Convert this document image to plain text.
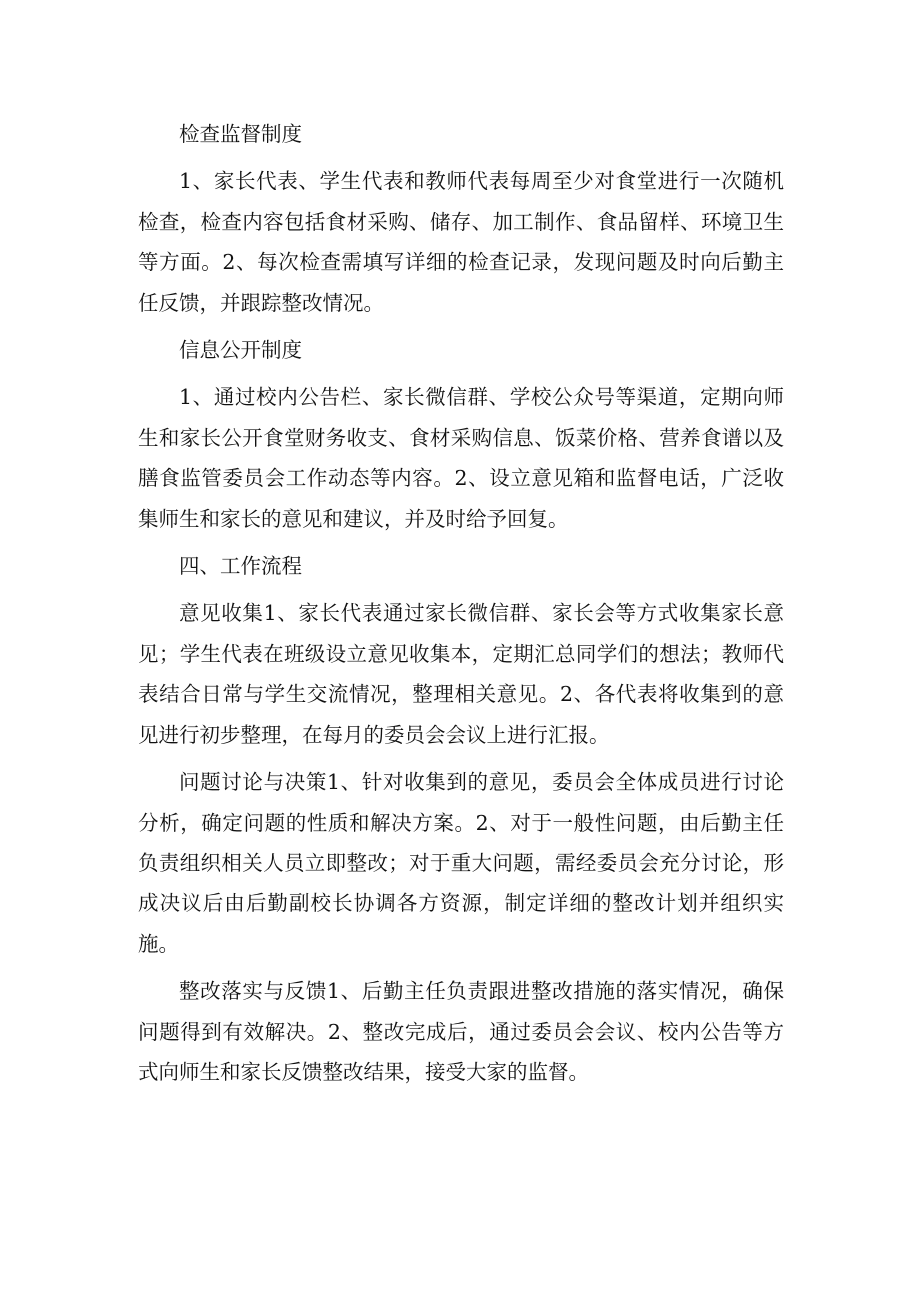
检查监督制度

1、家长代表、学生代表和教师代表每周至少对食堂进行一次随机检查，检查内容包括食材采购、储存、加工制作、食品留样、环境卫生等方面。2、每次检查需填写详细的检查记录，发现问题及时向后勤主任反馈，并跟踪整改情况。

信息公开制度

1、通过校内公告栏、家长微信群、学校公众号等渠道，定期向师生和家长公开食堂财务收支、食材采购信息、饭菜价格、营养食谱以及膳食监管委员会工作动态等内容。2、设立意见箱和监督电话，广泛收集师生和家长的意见和建议，并及时给予回复。

四、工作流程

意见收集1、家长代表通过家长微信群、家长会等方式收集家长意见；学生代表在班级设立意见收集本，定期汇总同学们的想法；教师代表结合日常与学生交流情况，整理相关意见。2、各代表将收集到的意见进行初步整理，在每月的委员会会议上进行汇报。

问题讨论与决策1、针对收集到的意见，委员会全体成员进行讨论分析，确定问题的性质和解决方案。2、对于一般性问题，由后勤主任负责组织相关人员立即整改；对于重大问题，需经委员会充分讨论，形成决议后由后勤副校长协调各方资源，制定详细的整改计划并组织实施。

整改落实与反馈1、后勤主任负责跟进整改措施的落实情况，确保问题得到有效解决。2、整改完成后，通过委员会会议、校内公告等方式向师生和家长反馈整改结果，接受大家的监督。
